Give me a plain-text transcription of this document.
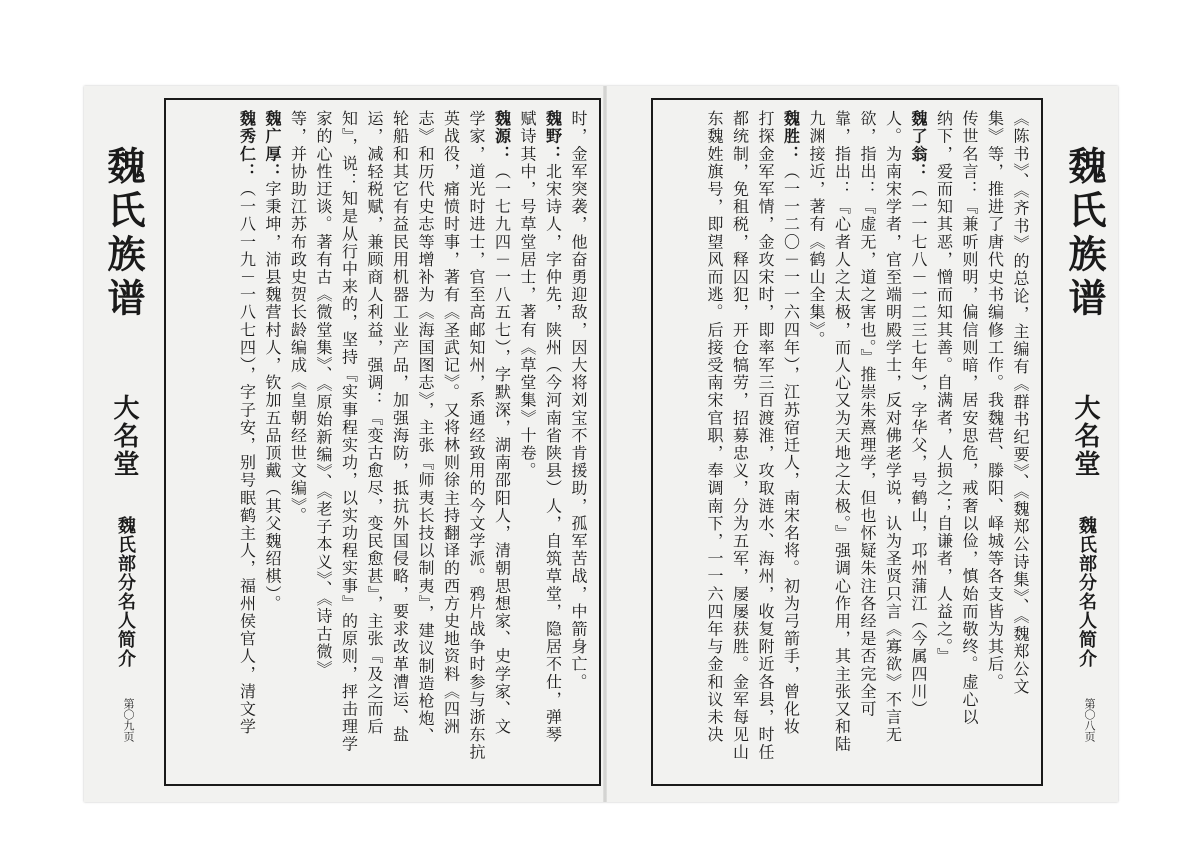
魏氏族谱
大名堂
魏氏部分名人简介
第〇九页
时，金军突袭，他奋勇迎敌，因大将刘宝不肯援助，孤军苦战，中箭身亡。
魏野：北宋诗人，字仲先，陕州（今河南省陕县）人，自筑草堂，隐居不仕，弹琴
赋诗其中，号草堂居士，著有《草堂集》十卷。
魏源：（一七九四－一八五七），字默深，湖南邵阳人，清朝思想家、史学家、文
学家，道光时进士，官至高邮知州，系通经致用的今文学派。鸦片战争时参与浙东抗
英战役，痛愤时事，著有《圣武记》。又将林则徐主持翻译的西方史地资料《四洲
志》和历代史志等增补为《海国图志》，主张『师夷长技以制夷』，建议制造枪炮、
轮船和其它有益民用机器工业产品，加强海防，抵抗外国侵略，要求改革漕运、盐
运，减轻税赋，兼顾商人利益，强调：『变古愈尽，变民愈甚』，主张『及之而后
知』，说：知是从行中来的，坚持『实事程实功，以实功程实事』的原则，抨击理学
家的心性迂谈。著有古《微堂集》、《原始新编》、《老子本义》、《诗古微》
等，并协助江苏布政史贺长龄编成《皇朝经世文编》。
魏广厚：字秉坤，沛县魏营村人，钦加五品顶戴（其父魏绍棋）。
魏秀仁：（一八一九－一八七四），字子安，别号眠鹤主人，福州侯官人，清文学	《陈书》、《齐书》的总论，主编有《群书纪要》、《魏郑公诗集》、《魏郑公文
集》等，推进了唐代史书编修工作。我魏营、滕阳、峄城等各支皆为其后。
传世名言：『兼听则明，偏信则暗，居安思危，戒奢以俭，慎始而敬终。虚心以
纳下，爱而知其恶，憎而知其善。自满者，人损之；自谦者，人益之。』
魏了翁：（一一七八－一二三七年），字华父，号鹤山，邛州蒲江（今属四川）
人。为南宋学者，官至端明殿学士，反对佛老学说，认为圣贤只言《寡欲》不言无
欲，指出：『虚无，道之害也。』推崇朱熹理学，但也怀疑朱注各经是否完全可
靠，指出：『心者人之太极，而人心又为天地之太极。』强调心作用，其主张又和陆
九渊接近，著有《鹤山全集》。
魏胜：（一一二〇－一一六四年），江苏宿迁人，南宋名将。初为弓箭手，曾化妆
打探金军军情，金攻宋时，即率军三百渡淮，攻取涟水、海州，收复附近各县，时任
都统制，免租税，释囚犯，开仓犒劳，招募忠义，分为五军，屡屡获胜。金军每见山
东魏姓旗号，即望风而逃。后接受南宋官职，奉调南下，一一六四年与金和议未决	魏氏族谱
大名堂
魏氏部分名人简介
第〇八页
